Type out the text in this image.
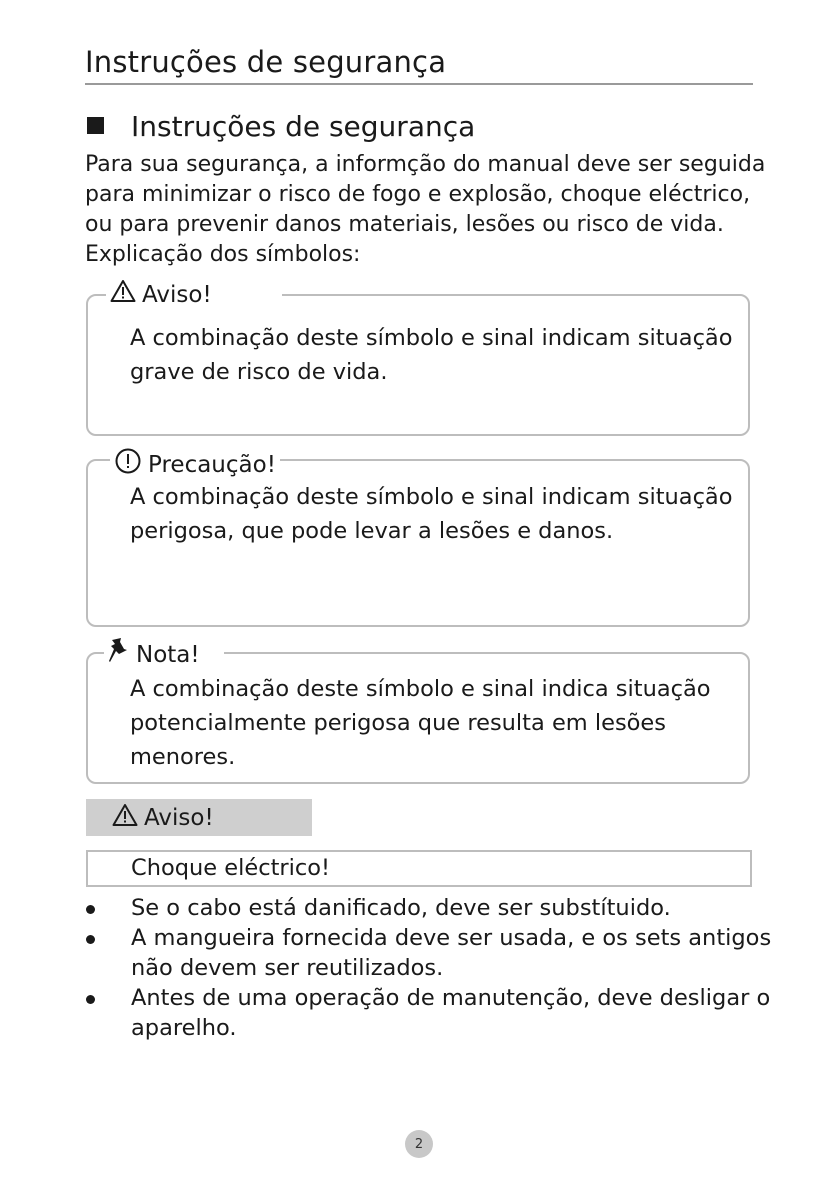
Instruções de segurança
Instruções de segurança
Para sua segurança, a informção do manual deve ser seguida
para minimizar o risco de fogo e explosão, choque eléctrico,
ou para prevenir danos materiais, lesões ou risco de vida.
Explicação dos símbolos:
Aviso!
A combinação deste símbolo e sinal indicam situação
grave de risco de vida.
Precaução!
A combinação deste símbolo e sinal indicam situação
perigosa, que pode levar a lesões e danos.
Nota!
A combinação deste símbolo e sinal indica situação
potencialmente perigosa que resulta em lesões
menores.
Aviso!
Choque eléctrico!
Se o cabo está danificado, deve ser substítuido.
A mangueira fornecida deve ser usada, e os sets antigos não devem ser reutilizados.
Antes de uma operação de manutenção, deve desligar o aparelho.
2
